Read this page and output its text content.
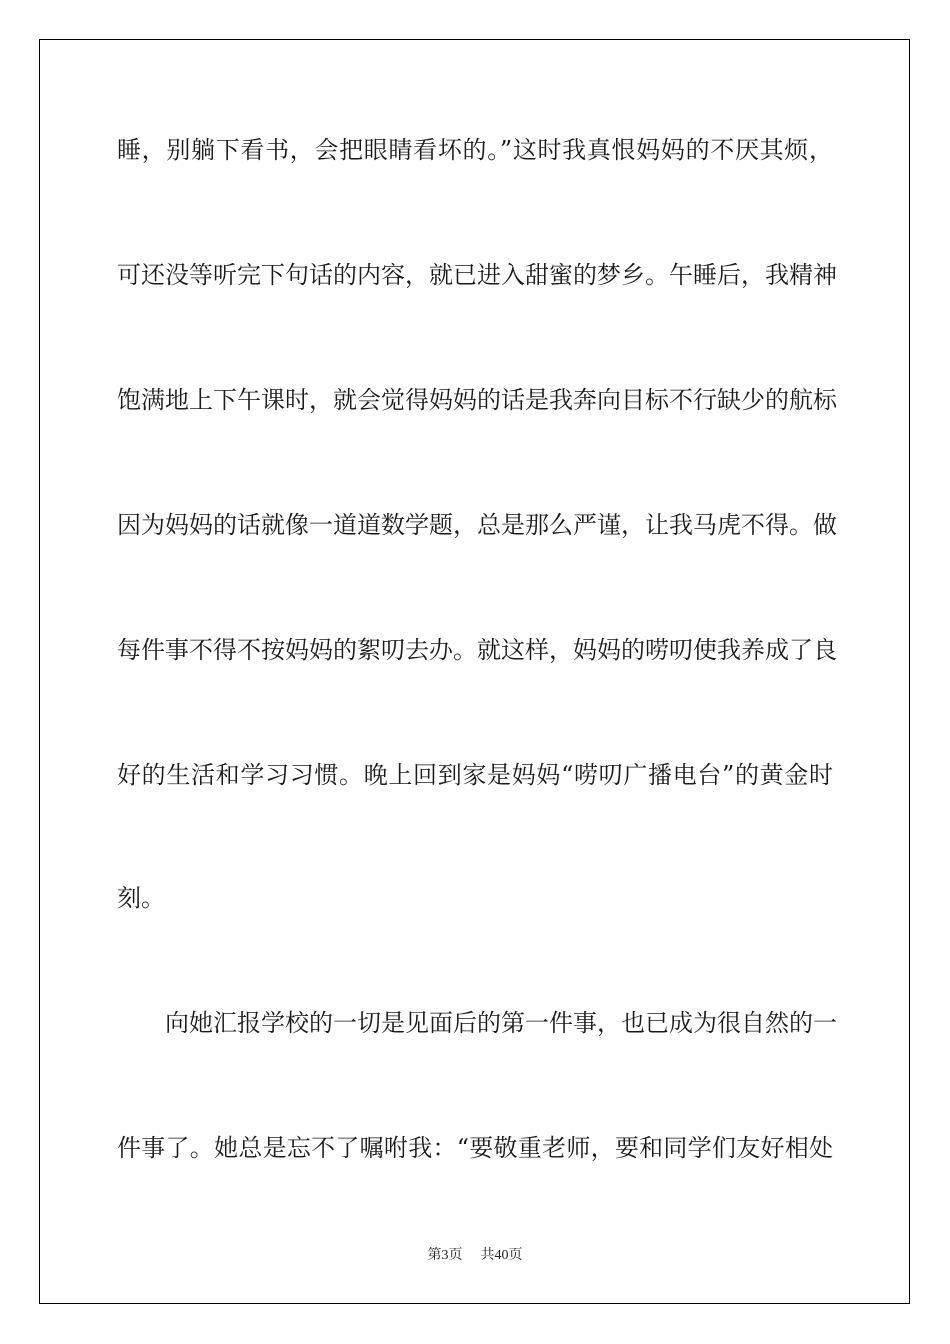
睡，别躺下看书，会把眼睛看坏的。”这时我真恨妈妈的不厌其烦，
可还没等听完下句话的内容，就已进入甜蜜的梦乡。午睡后，我精神
饱满地上下午课时，就会觉得妈妈的话是我奔向目标不行缺少的航标
因为妈妈的话就像一道道数学题，总是那么严谨，让我马虎不得。做
每件事不得不按妈妈的絮叨去办。就这样，妈妈的唠叨使我养成了良
好的生活和学习习惯。晚上回到家是妈妈“唠叨广播电台”的黄金时
刻。
向她汇报学校的一切是见面后的第一件事，也已成为很自然的一
件事了。她总是忘不了嘱咐我：“要敬重老师，要和同学们友好相处
第3页 共40页
